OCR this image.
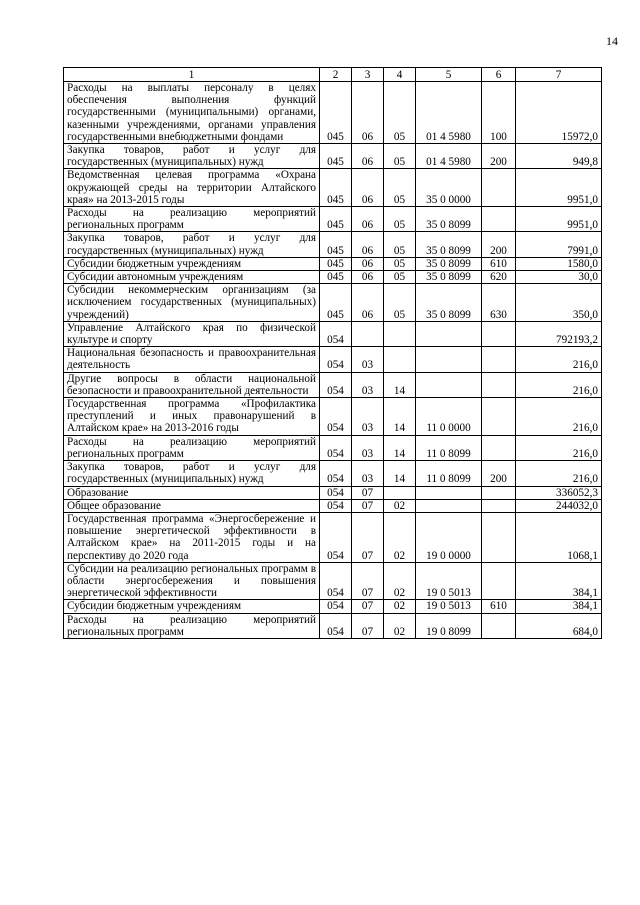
14
1	2	3	4	5	6	7
Расходы на выплаты персоналу в целях обеспечения выполнения функций государственными (муниципальными) органами, казенными учреждениями, органами управления государственными внебюджетными фондами	045	06	05	01 4 5980	100	15972,0
Закупка товаров, работ и услуг для государственных (муниципальных) нужд	045	06	05	01 4 5980	200	949,8
Ведомственная целевая программа «Охрана окружающей среды на территории Алтайского края» на 2013-2015 годы	045	06	05	35 0 0000		9951,0
Расходы на реализацию мероприятий региональных программ	045	06	05	35 0 8099		9951,0
Закупка товаров, работ и услуг для государственных (муниципальных) нужд	045	06	05	35 0 8099	200	7991,0
Субсидии бюджетным учреждениям	045	06	05	35 0 8099	610	1580,0
Субсидии автономным учреждениям	045	06	05	35 0 8099	620	30,0
Субсидии некоммерческим организациям (за исключением государственных (муниципальных) учреждений)	045	06	05	35 0 8099	630	350,0
Управление Алтайского края по физической культуре и спорту	054					792193,2
Национальная безопасность и правоохранительная деятельность	054	03				216,0
Другие вопросы в области национальной безопасности и правоохранительной деятельности	054	03	14			216,0
Государственная программа «Профилактика преступлений и иных правонарушений в Алтайском крае» на 2013-2016 годы	054	03	14	11 0 0000		216,0
Расходы на реализацию мероприятий региональных программ	054	03	14	11 0 8099		216,0
Закупка товаров, работ и услуг для государственных (муниципальных) нужд	054	03	14	11 0 8099	200	216,0
Образование	054	07				336052,3
Общее образование	054	07	02			244032,0
Государственная программа «Энергосбережение и повышение энергетической эффективности в Алтайском крае» на 2011-2015 годы и на перспективу до 2020 года	054	07	02	19 0 0000		1068,1
Субсидии на реализацию региональных программ в области энергосбережения и повышения энергетической эффективности	054	07	02	19 0 5013		384,1
Субсидии бюджетным учреждениям	054	07	02	19 0 5013	610	384,1
Расходы на реализацию мероприятий региональных программ	054	07	02	19 0 8099		684,0
